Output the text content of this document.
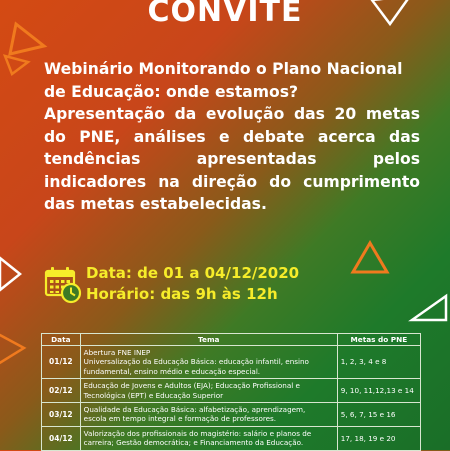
CONVITE

Webinário Monitorando o Plano Nacional

de Educação: onde estamos?

Apresentação da evolução das 20 metas do PNE, análises e debate acerca das tendências apresentadas pelos indicadores na direção do cumprimento das metas estabelecidas.

Data: de 01 a 04/12/2020
Horário: das 9h às 12h
Data	Tema	Metas do PNE
01/12	Abertura FNE INEP
Universalização da Educação Básica: educação infantil, ensino
fundamental, ensino médio e educação especial.	1, 2, 3, 4 e 8
02/12	Educação de Jovens e Adultos (EJA); Educação Profissional e
Tecnológica (EPT) e Educação Superior	9, 10, 11,12,13 e 14
03/12	Qualidade da Educação Básica: alfabetização, aprendizagem,
escola em tempo integral e formação de professores.	5, 6, 7, 15 e 16
04/12	Valorização dos profissionais do magistério: salário e planos de
carreira; Gestão democrática; e Financiamento da Educação.	17, 18, 19 e 20
